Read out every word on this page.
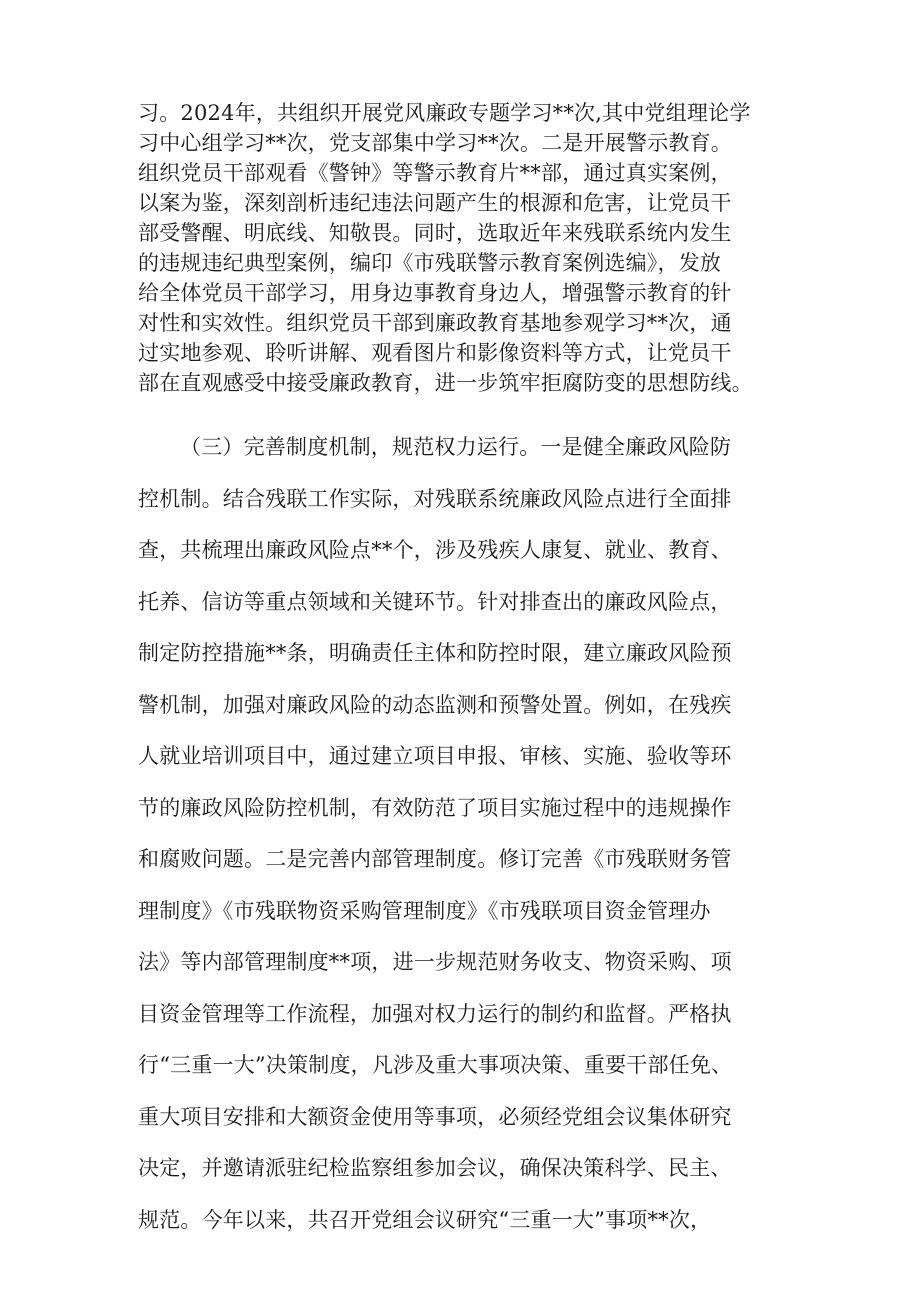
习。2024年，共组织开展党风廉政专题学习**次,其中党组理论学
习中心组学习**次，党支部集中学习**次。二是开展警示教育。
组织党员干部观看《警钟》等警示教育片**部，通过真实案例，
以案为鉴，深刻剖析违纪违法问题产生的根源和危害，让党员干
部受警醒、明底线、知敬畏。同时，选取近年来残联系统内发生
的违规违纪典型案例，编印《市残联警示教育案例选编》，发放
给全体党员干部学习，用身边事教育身边人，增强警示教育的针
对性和实效性。组织党员干部到廉政教育基地参观学习**次，通
过实地参观、聆听讲解、观看图片和影像资料等方式，让党员干
部在直观感受中接受廉政教育，进一步筑牢拒腐防变的思想防线。
（三）完善制度机制，规范权力运行。一是健全廉政风险防
控机制。结合残联工作实际，对残联系统廉政风险点进行全面排
查，共梳理出廉政风险点**个，涉及残疾人康复、就业、教育、
托养、信访等重点领域和关键环节。针对排查出的廉政风险点，
制定防控措施**条，明确责任主体和防控时限，建立廉政风险预
警机制，加强对廉政风险的动态监测和预警处置。例如，在残疾
人就业培训项目中，通过建立项目申报、审核、实施、验收等环
节的廉政风险防控机制，有效防范了项目实施过程中的违规操作
和腐败问题。二是完善内部管理制度。修订完善《市残联财务管
理制度》《市残联物资采购管理制度》《市残联项目资金管理办
法》等内部管理制度**项，进一步规范财务收支、物资采购、项
目资金管理等工作流程，加强对权力运行的制约和监督。严格执
行“三重一大”决策制度，凡涉及重大事项决策、重要干部任免、
重大项目安排和大额资金使用等事项，必须经党组会议集体研究
决定，并邀请派驻纪检监察组参加会议，确保决策科学、民主、
规范。今年以来，共召开党组会议研究“三重一大”事项**次，
